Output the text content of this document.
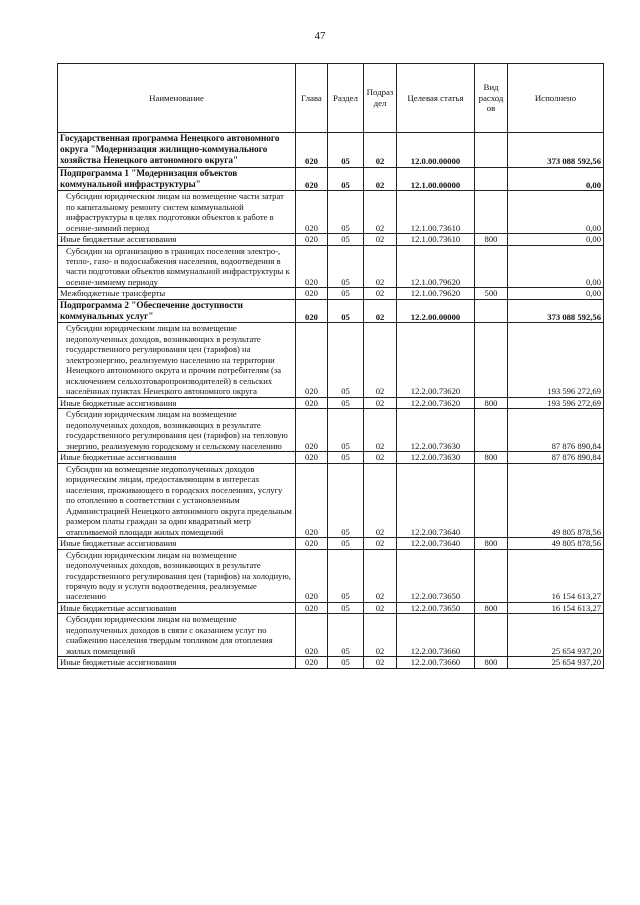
47
Наименование	Глава	Раздел	Подраз дел	Целевая статья	Вид расход ов	Исполнено
Государственная программа Ненецкого автономного округа "Модернизация жилищно-коммунального хозяйства Ненецкого автономного округа"	020	05	02	12.0.00.00000		373 088 592,56
Подпрограмма 1 "Модернизация объектов коммунальной инфраструктуры"	020	05	02	12.1.00.00000		0,00
Субсидии юридическим лицам на возмещение части затрат по капитальному ремонту систем коммунальной инфраструктуры в целях подготовки объектов к работе в осенне-зимний период	020	05	02	12.1.00.73610		0,00
Иные бюджетные ассигнования	020	05	02	12.1.00.73610	800	0,00
Субсидии на организацию в границах поселения электро-, тепло-, газо- и водоснабжения населения, водоотведения в части подготовки объектов коммунальной инфраструктуры к осенне-зимнему периоду	020	05	02	12.1.00.79620		0,00
Межбюджетные трансферты	020	05	02	12.1.00.79620	500	0,00
Подпрограмма 2 "Обеспечение доступности коммунальных услуг"	020	05	02	12.2.00.00000		373 088 592,56
Субсидии юридическим лицам на возмещение недополученных доходов, возникающих в результате государственного регулирования цен (тарифов) на электроэнергию, реализуемую населению на территории Ненецкого автономного округа и прочим потребителям (за исключением сельхозтоваропроизводителей) в сельских населённых пунктах Ненецкого автономного округа	020	05	02	12.2.00.73620		193 596 272,69
Иные бюджетные ассигнования	020	05	02	12.2.00.73620	800	193 596 272,69
Субсидии юридическим лицам на возмещение недополученных доходов, возникающих в результате государственного регулирования цен (тарифов) на тепловую энергию, реализуемую городскому и сельскому населению	020	05	02	12.2.00.73630		87 876 890,84
Иные бюджетные ассигнования	020	05	02	12.2.00.73630	800	87 876 890,84
Субсидии на возмещение недополученных доходов юридическим лицам, предоставляющим в интересах населения, проживающего в городских поселениях, услугу по отоплению в соответствии с установленным Администрацией Ненецкого автономного округа предельным размером платы граждан за один квадратный метр отапливаемой площади жилых помещений	020	05	02	12.2.00.73640		49 805 878,56
Иные бюджетные ассигнования	020	05	02	12.2.00.73640	800	49 805 878,56
Субсидии юридическим лицам на возмещение недополученных доходов, возникающих в результате государственного регулирования цен (тарифов) на холодную, горячую воду и услуги водоотведения, реализуемые населению	020	05	02	12.2.00.73650		16 154 613,27
Иные бюджетные ассигнования	020	05	02	12.2.00.73650	800	16 154 613,27
Субсидии юридическим лицам на возмещение недополученных доходов в связи с оказанием услуг по снабжению населения твердым топливом для отопления жилых помещений	020	05	02	12.2.00.73660		25 654 937,20
Иные бюджетные ассигнования	020	05	02	12.2.00.73660	800	25 654 937,20
